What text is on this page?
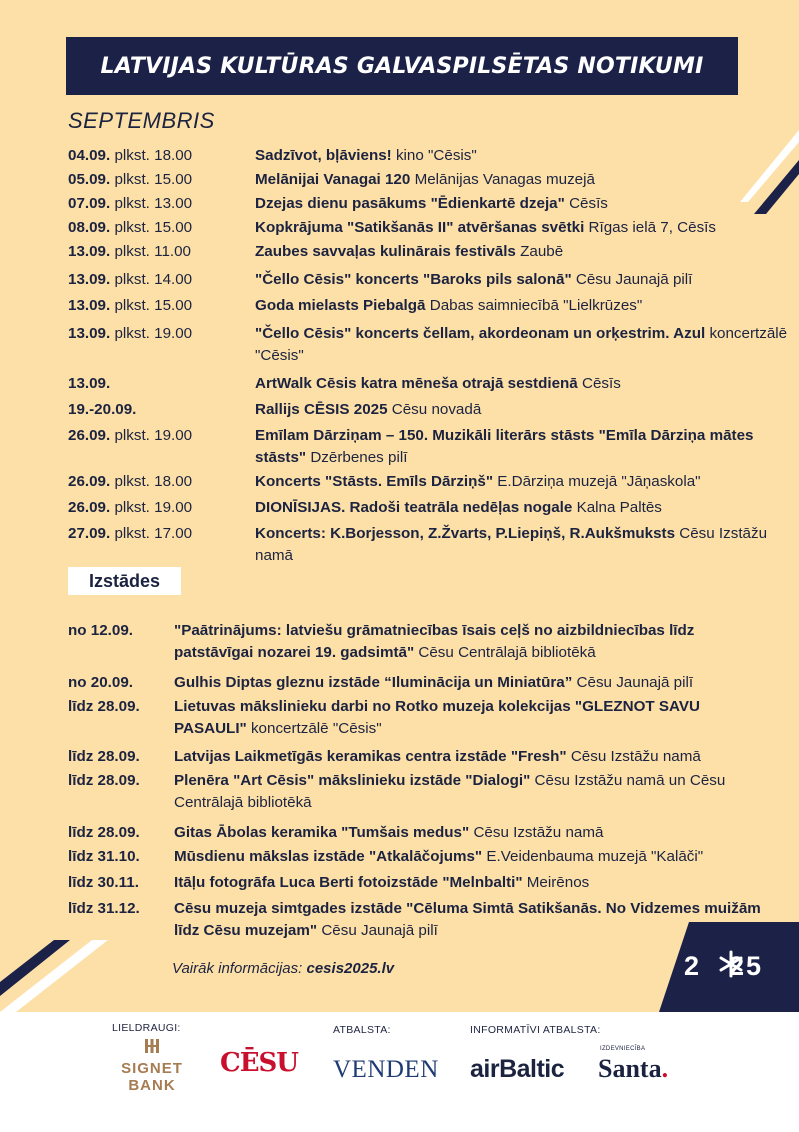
LATVIJAS KULTŪRAS GALVASPILSĒTAS NOTIKUMI
SEPTEMBRIS
Izstādes
Vairāk informācijas: cesis2025.lv	2 25
04.09. plkst. 18.00	Sadzīvot, bļāviens! kino "Cēsis"
05.09. plkst. 15.00	Melānijai Vanagai 120 Melānijas Vanagas muzejā
07.09. plkst. 13.00	Dzejas dienu pasākums "Ēdienkartē dzeja" Cēsīs
08.09. plkst. 15.00	Kopkrājuma "Satikšanās II" atvēršanas svētki Rīgas ielā 7, Cēsīs
13.09. plkst. 11.00	Zaubes savvaļas kulinārais festivāls Zaubē
13.09. plkst. 14.00	"Čello Cēsis" koncerts "Baroks pils salonā" Cēsu Jaunajā pilī
13.09. plkst. 15.00	Goda mielasts Piebalgā Dabas saimniecībā "Lielkrūzes"
13.09. plkst. 19.00	"Čello Cēsis" koncerts čellam, akordeonam un orķestrim. Azul koncertzālē "Cēsis"
13.09.	ArtWalk Cēsis katra mēneša otrajā sestdienā Cēsīs
19.-20.09.	Rallijs CĒSIS 2025 Cēsu novadā
26.09. plkst. 19.00	Emīlam Dārziņam – 150. Muzikāli literārs stāsts "Emīla Dārziņa mātes stāsts" Dzērbenes pilī
26.09. plkst. 18.00	Koncerts "Stāsts. Emīls Dārziņš" E.Dārziņa muzejā "Jāņaskola"
26.09. plkst. 19.00	DIONĪSIJAS. Radoši teatrāla nedēļas nogale Kalna Paltēs
27.09. plkst. 17.00	Koncerts: K.Borjesson, Z.Žvarts, P.Liepiņš, R.Aukšmuksts Cēsu Izstāžu namā
no 12.09.	"Paātrinājums: latviešu grāmatniecības īsais ceļš no aizbildniecības līdz patstāvīgai nozarei 19. gadsimtā" Cēsu Centrālajā bibliotēkā
no 20.09.	Gulhis Diptas gleznu izstāde “Iluminācija un Miniatūra” Cēsu Jaunajā pilī
līdz 28.09. Lietuvas mākslinieku darbi no Rotko muzeja kolekcijas "GLEZNOT SAVU PASAULI" koncertzālē "Cēsis"
līdz 28.09. Latvijas Laikmetīgās keramikas centra izstāde "Fresh" Cēsu Izstāžu namā
līdz 28.09. Plenēra "Art Cēsis" mākslinieku izstāde "Dialogi" Cēsu Izstāžu namā un Cēsu Centrālajā bibliotēkā
līdz 28.09. Gitas Ābolas keramika "Tumšais medus" Cēsu Izstāžu namā
līdz 31.10. Mūsdienu mākslas izstāde "Atkalāčojums" E.Veidenbauma muzejā "Kalāči"
līdz 30.11. Itāļu fotogrāfa Luca Berti fotoizstāde "Melnbalti" Meirēnos
līdz 31.12. Cēsu muzeja simtgades izstāde "Cēluma Simtā Satikšanās. No Vidzemes muižām līdz Cēsu muzejam" Cēsu Jaunajā pilī
LIELDRAUGI:	ATBALSTA:	INFORMATĪVI ATBALSTA:
SIGNET
BANK
CĒSU VENDEN airBaltic
IZDEVNIECĪBA
Santa.
